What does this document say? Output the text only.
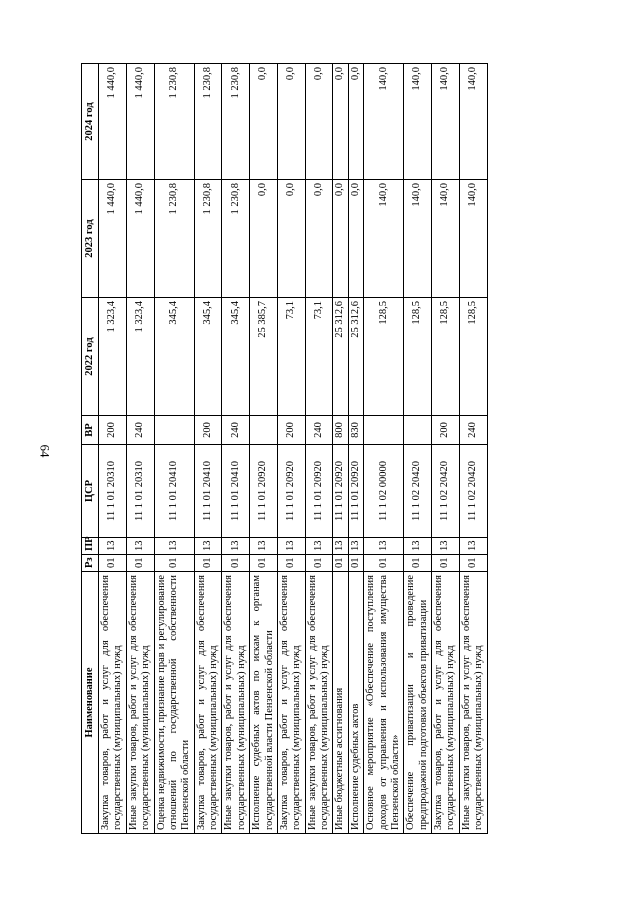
64
Наименование	Рз	ПР	ЦСР	ВР	2022 год	2023 год	2024 год
Закупка товаров, работ и услуг для обеспечения государственных (муниципальных) нужд	01	13	11 1 01 20310	200	1 323,4	1 440,0	1 440,0
Иные закупки товаров, работ и услуг для обеспечения государственных (муниципальных) нужд	01	13	11 1 01 20310	240	1 323,4	1 440,0	1 440,0
Оценка недвижимости, признание прав и регулирование отношений по государственной собственности Пензенской области	01	13	11 1 01 20410		345,4	1 230,8	1 230,8
Закупка товаров, работ и услуг для обеспечения государственных (муниципальных) нужд	01	13	11 1 01 20410	200	345,4	1 230,8	1 230,8
Иные закупки товаров, работ и услуг для обеспечения государственных (муниципальных) нужд	01	13	11 1 01 20410	240	345,4	1 230,8	1 230,8
Исполнение судебных актов по искам к органам государственной власти Пензенской области	01	13	11 1 01 20920		25 385,7	0,0	0,0
Закупка товаров, работ и услуг для обеспечения государственных (муниципальных) нужд	01	13	11 1 01 20920	200	73,1	0,0	0,0
Иные закупки товаров, работ и услуг для обеспечения государственных (муниципальных) нужд	01	13	11 1 01 20920	240	73,1	0,0	0,0
Иные бюджетные ассигнования	01	13	11 1 01 20920	800	25 312,6	0,0	0,0
Исполнение судебных актов	01	13	11 1 01 20920	830	25 312,6	0,0	0,0
Основное мероприятие «Обеспечение поступления доходов от управления и использования имущества Пензенской области»	01	13	11 1 02 00000		128,5	140,0	140,0
Обеспечение приватизации и проведение предпродажной подготовки объектов приватизации	01	13	11 1 02 20420		128,5	140,0	140,0
Закупка товаров, работ и услуг для обеспечения государственных (муниципальных) нужд	01	13	11 1 02 20420	200	128,5	140,0	140,0
Иные закупки товаров, работ и услуг для обеспечения государственных (муниципальных) нужд	01	13	11 1 02 20420	240	128,5	140,0	140,0
